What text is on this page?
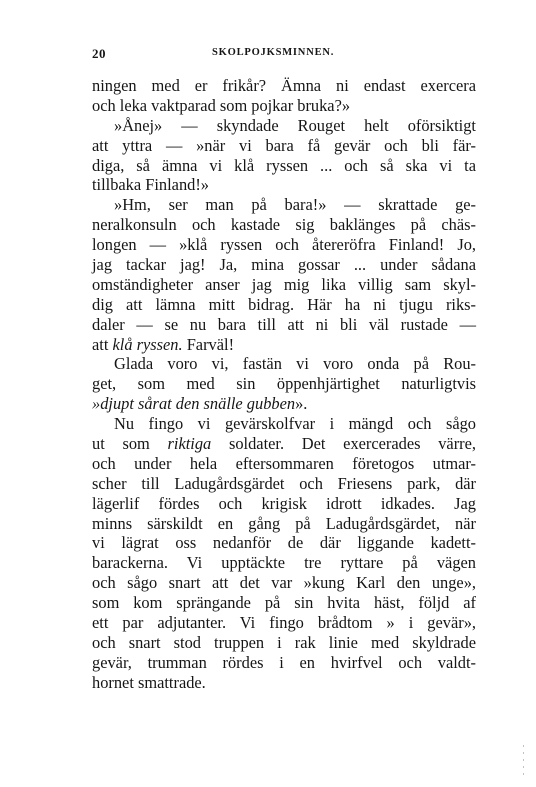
20	SKOLPOJKSMINNEN.
ningen med er frikår? Ämna ni endast exercera
och leka vaktparad som pojkar bruka?»
»Ånej» — skyndade Rouget helt oförsiktigt
att yttra — »när vi bara få gevär och bli fär-
diga, så ämna vi klå ryssen ... och så ska vi ta
tillbaka Finland!»
»Hm, ser man på bara!» — skrattade ge-
neralkonsuln och kastade sig baklänges på chäs-
longen — »klå ryssen och återeröfra Finland! Jo,
jag tackar jag! Ja, mina gossar ... under sådana
omständigheter anser jag mig lika villig sam skyl-
dig att lämna mitt bidrag. Här ha ni tjugu riks-
daler — se nu bara till att ni bli väl rustade —
att klå ryssen. Farväl!
Glada voro vi, fastän vi voro onda på Rou-
get, som med sin öppenhjärtighet naturligtvis
»djupt sårat den snälle gubben».
Nu fingo vi gevärskolfvar i mängd och sågo
ut som riktiga soldater. Det exercerades värre,
och under hela eftersommaren företogos utmar-
scher till Ladugårdsgärdet och Friesens park, där
lägerlif fördes och krigisk idrott idkades. Jag
minns särskildt en gång på Ladugårdsgärdet, när
vi lägrat oss nedanför de där liggande kadett-
barackerna. Vi upptäckte tre ryttare på vägen
och sågo snart att det var »kung Karl den unge»,
som kom sprängande på sin hvita häst, följd af
ett par adjutanter. Vi fingo brådtom » i gevär»,
och snart stod truppen i rak linie med skyldrade
gevär, trumman rördes i en hvirfvel och valdt-
hornet smattrade.
